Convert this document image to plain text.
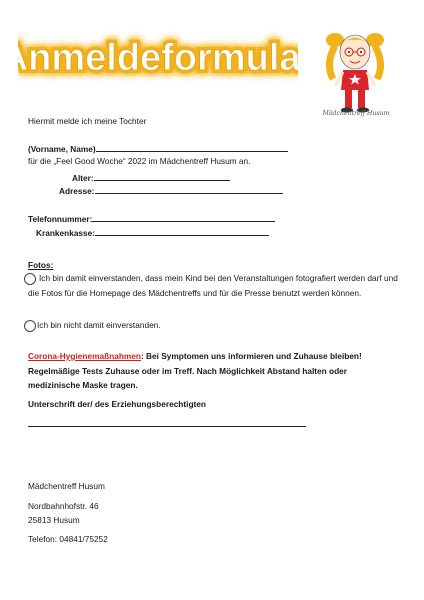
nmeldeformula
nmeldeformula
Mädchentreff Husum
Hiermit melde ich meine Tochter
(Vorname, Name)
für die „Feel Good Woche“ 2022 im Mädchentreff Husum an.
Alter:
Adresse:
Telefonnummer:
Krankenkasse:
Fotos:
Ich bin damit einverstanden, dass mein Kind bei den Veranstaltungen fotografiert werden darf und die Fotos für die Homepage des Mädchentreffs und für die Presse benutzt werden können.
Ich bin nicht damit einverstanden.
Corona-Hygienemaßnahmen: Bei Symptomen uns informieren und Zuhause bleiben! Regelmäßige Tests Zuhause oder im Treff. Nach Möglichkeit Abstand halten oder medizinische Maske tragen.
Unterschrift der/ des Erziehungsberechtigten
Mädchentreff Husum
Nordbahnhofstr. 46
25813 Husum
Telefon: 04841/75252
